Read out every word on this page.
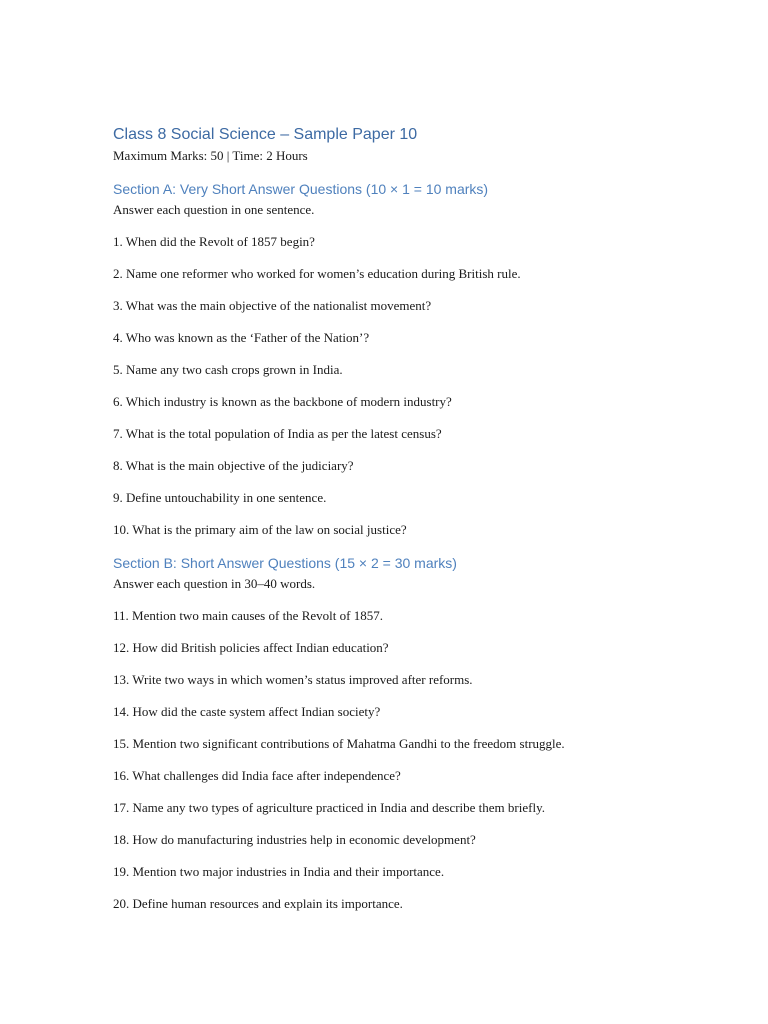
Class 8 Social Science – Sample Paper 10

Maximum Marks: 50 | Time: 2 Hours

Section A: Very Short Answer Questions (10 × 1 = 10 marks)

Answer each question in one sentence.

1. When did the Revolt of 1857 begin?
2. Name one reformer who worked for women’s education during British rule.
3. What was the main objective of the nationalist movement?
4. Who was known as the ‘Father of the Nation’?
5. Name any two cash crops grown in India.
6. Which industry is known as the backbone of modern industry?
7. What is the total population of India as per the latest census?
8. What is the main objective of the judiciary?
9. Define untouchability in one sentence.
10. What is the primary aim of the law on social justice?
Section B: Short Answer Questions (15 × 2 = 30 marks)

Answer each question in 30–40 words.

11. Mention two main causes of the Revolt of 1857.
12. How did British policies affect Indian education?
13. Write two ways in which women’s status improved after reforms.
14. How did the caste system affect Indian society?
15. Mention two significant contributions of Mahatma Gandhi to the freedom struggle.
16. What challenges did India face after independence?
17. Name any two types of agriculture practiced in India and describe them briefly.
18. How do manufacturing industries help in economic development?
19. Mention two major industries in India and their importance.
20. Define human resources and explain its importance.
